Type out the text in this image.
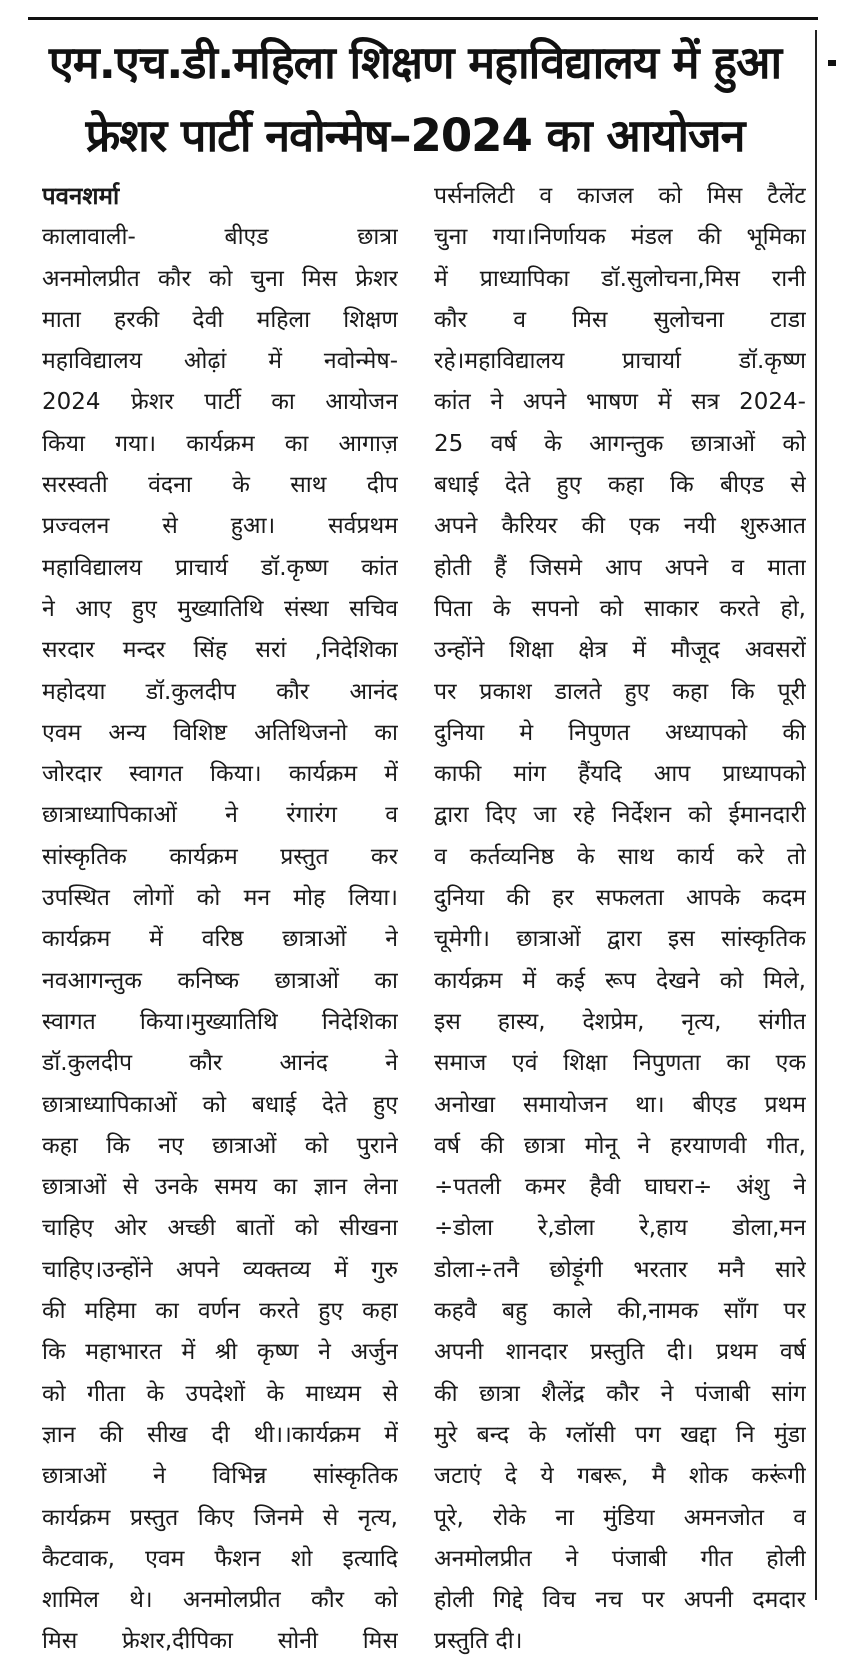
एम.एच.डी.महिला शिक्षण महाविद्यालय में हुआ
फ्रेशर पार्टी नवोन्मेष–2024 का आयोजन
पवनशर्मा
कालावाली- बीएड छात्रा
अनमोलप्रीत कौर को चुना मिस फ्रेशर
माता हरकी देवी महिला शिक्षण
महाविद्यालय ओढ़ां में नवोन्मेष-
2024 फ्रेशर पार्टी का आयोजन
किया गया। कार्यक्रम का आगाज़
सरस्वती वंदना के साथ दीप
प्रज्वलन से हुआ। सर्वप्रथम
महाविद्यालय प्राचार्य डॉ.कृष्ण कांत
ने आए हुए मुख्यातिथि संस्था सचिव
सरदार मन्दर सिंह सरां ,निदेशिका
महोदया डॉ.कुलदीप कौर आनंद
एवम अन्य विशिष्ट अतिथिजनो का
जोरदार स्वागत किया। कार्यक्रम में
छात्राध्यापिकाओं ने रंगारंग व
सांस्कृतिक कार्यक्रम प्रस्तुत कर
उपस्थित लोगों को मन मोह लिया।
कार्यक्रम में वरिष्ठ छात्राओं ने
नवआगन्तुक कनिष्क छात्राओं का
स्वागत किया।मुख्यातिथि निदेशिका
डॉ.कुलदीप कौर आनंद ने
छात्राध्यापिकाओं को बधाई देते हुए
कहा कि नए छात्राओं को पुराने
छात्राओं से उनके समय का ज्ञान लेना
चाहिए ओर अच्छी बातों को सीखना
चाहिए।उन्होंने अपने व्यक्तव्य में गुरु
की महिमा का वर्णन करते हुए कहा
कि महाभारत में श्री कृष्ण ने अर्जुन
को गीता के उपदेशों के माध्यम से
ज्ञान की सीख दी थी।।कार्यक्रम में
छात्राओं ने विभिन्न सांस्कृतिक
कार्यक्रम प्रस्तुत किए जिनमे से नृत्य,
कैटवाक, एवम फैशन शो इत्यादि
शामिल थे। अनमोलप्रीत कौर को
मिस फ्रेशर,दीपिका सोनी मिस
पर्सनलिटी व काजल को मिस टैलेंट
चुना गया।निर्णायक मंडल की भूमिका
में प्राध्यापिका डॉ.सुलोचना,मिस रानी
कौर व मिस सुलोचना टाडा
रहे।महाविद्यालय प्राचार्या डॉ.कृष्ण
कांत ने अपने भाषण में सत्र 2024-
25 वर्ष के आगन्तुक छात्राओं को
बधाई देते हुए कहा कि बीएड से
अपने कैरियर की एक नयी शुरुआत
होती हैं जिसमे आप अपने व माता
पिता के सपनो को साकार करते हो,
उन्होंने शिक्षा क्षेत्र में मौजूद अवसरों
पर प्रकाश डालते हुए कहा कि पूरी
दुनिया मे निपुणत अध्यापको की
काफी मांग हैंयदि आप प्राध्यापको
द्वारा दिए जा रहे निर्देशन को ईमानदारी
व कर्तव्यनिष्ठ के साथ कार्य करे तो
दुनिया की हर सफलता आपके कदम
चूमेगी। छात्राओं द्वारा इस सांस्कृतिक
कार्यक्रम में कई रूप देखने को मिले,
इस हास्य, देशप्रेम, नृत्य, संगीत
समाज एवं शिक्षा निपुणता का एक
अनोखा समायोजन था। बीएड प्रथम
वर्ष की छात्रा मोनू ने हरयाणवी गीत,
÷पतली कमर हैवी घाघरा÷ अंशु ने
÷डोला रे,डोला रे,हाय डोला,मन
डोला÷तनै छोड़ूंगी भरतार मनै सारे
कहवै बहु काले की,नामक सॉंग पर
अपनी शानदार प्रस्तुति दी। प्रथम वर्ष
की छात्रा शैलेंद्र कौर ने पंजाबी सांग
मुरे बन्द के ग्लॉसी पग खद्दा नि मुंडा
जटाएं दे ये गबरू, मै शोक करूंगी
पूरे, रोके ना मुंडिया अमनजोत व
अनमोलप्रीत ने पंजाबी गीत होली
होली गिद्दे विच नच पर अपनी दमदार
प्रस्तुति दी।
